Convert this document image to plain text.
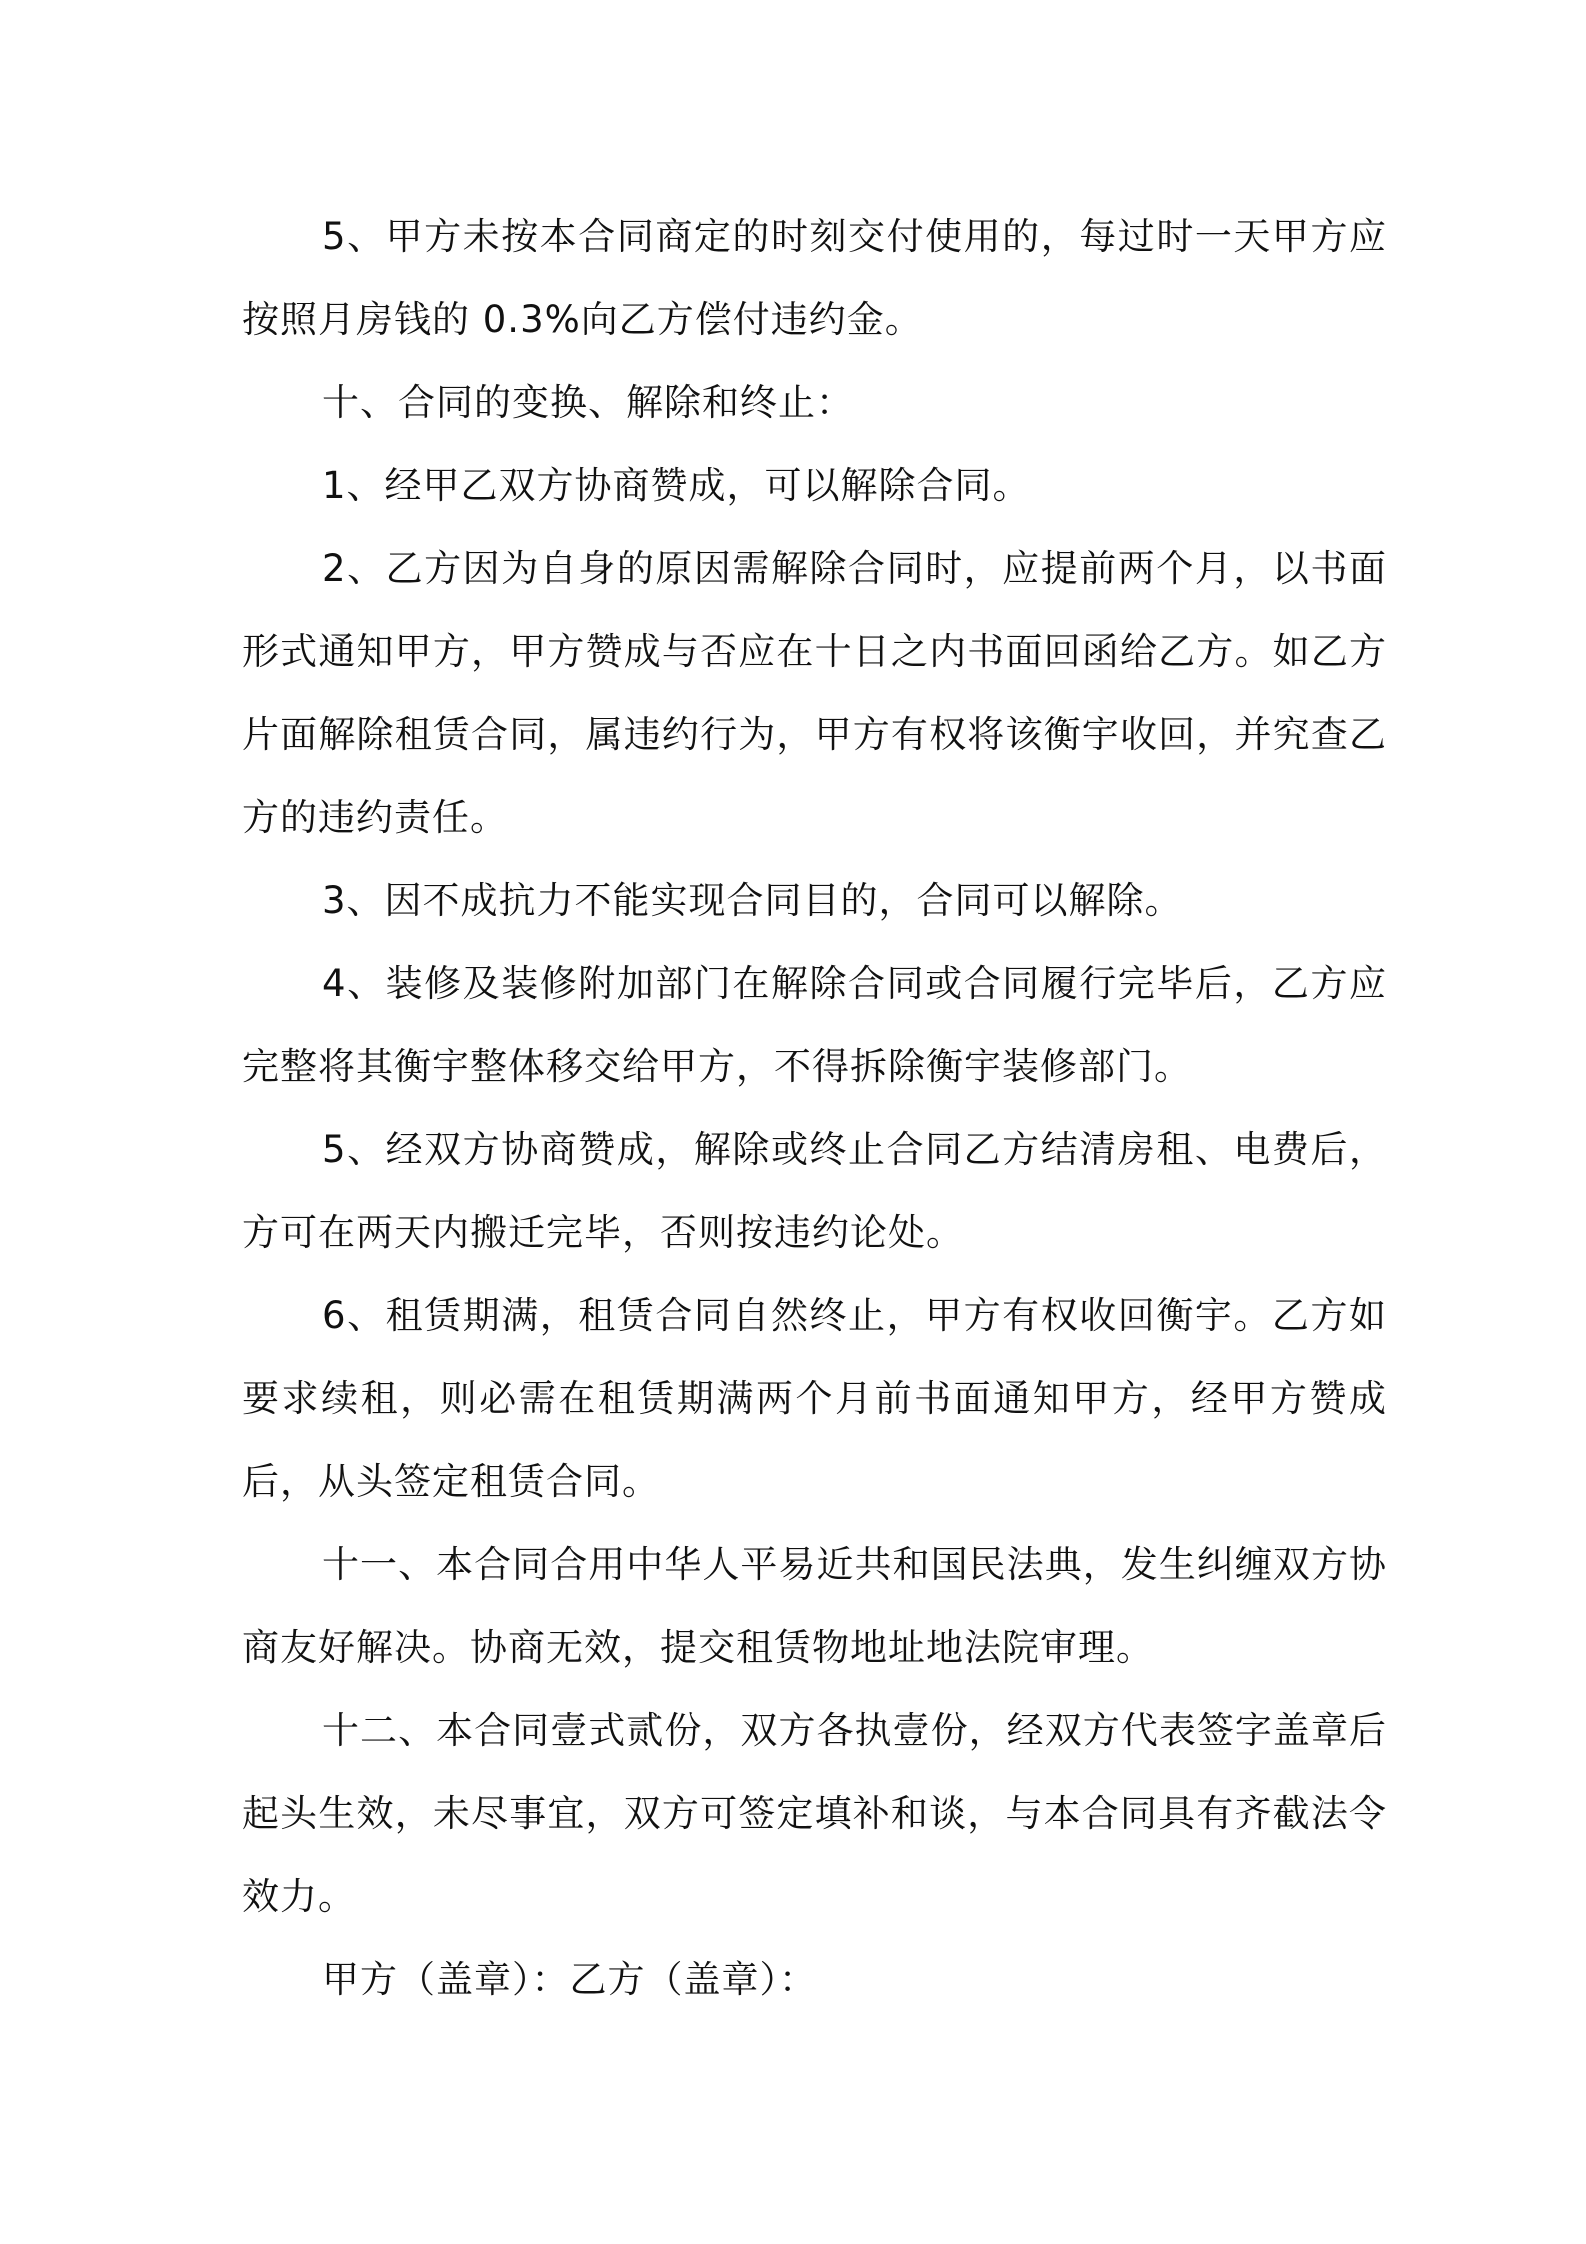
5、甲方未按本合同商定的时刻交付使用的，每过时一天甲方应按照月房钱的 0.3%向乙方偿付违约金。

十、合同的变换、解除和终止：

1、经甲乙双方协商赞成，可以解除合同。

2、乙方因为自身的原因需解除合同时，应提前两个月，以书面形式通知甲方，甲方赞成与否应在十日之内书面回函给乙方。如乙方片面解除租赁合同，属违约行为，甲方有权将该衡宇收回，并究查乙方的违约责任。

3、因不成抗力不能实现合同目的，合同可以解除。

4、装修及装修附加部门在解除合同或合同履行完毕后，乙方应完整将其衡宇整体移交给甲方，不得拆除衡宇装修部门。

5、经双方协商赞成，解除或终止合同乙方结清房租、电费后，方可在两天内搬迁完毕，否则按违约论处。

6、租赁期满，租赁合同自然终止，甲方有权收回衡宇。乙方如要求续租，则必需在租赁期满两个月前书面通知甲方，经甲方赞成后，从头签定租赁合同。

十一、本合同合用中华人平易近共和国民法典，发生纠缠双方协商友好解决。协商无效，提交租赁物地址地法院审理。

十二、本合同壹式贰份，双方各执壹份，经双方代表签字盖章后起头生效，未尽事宜，双方可签定填补和谈，与本合同具有齐截法令效力。

甲方（盖章）：乙方（盖章）：
